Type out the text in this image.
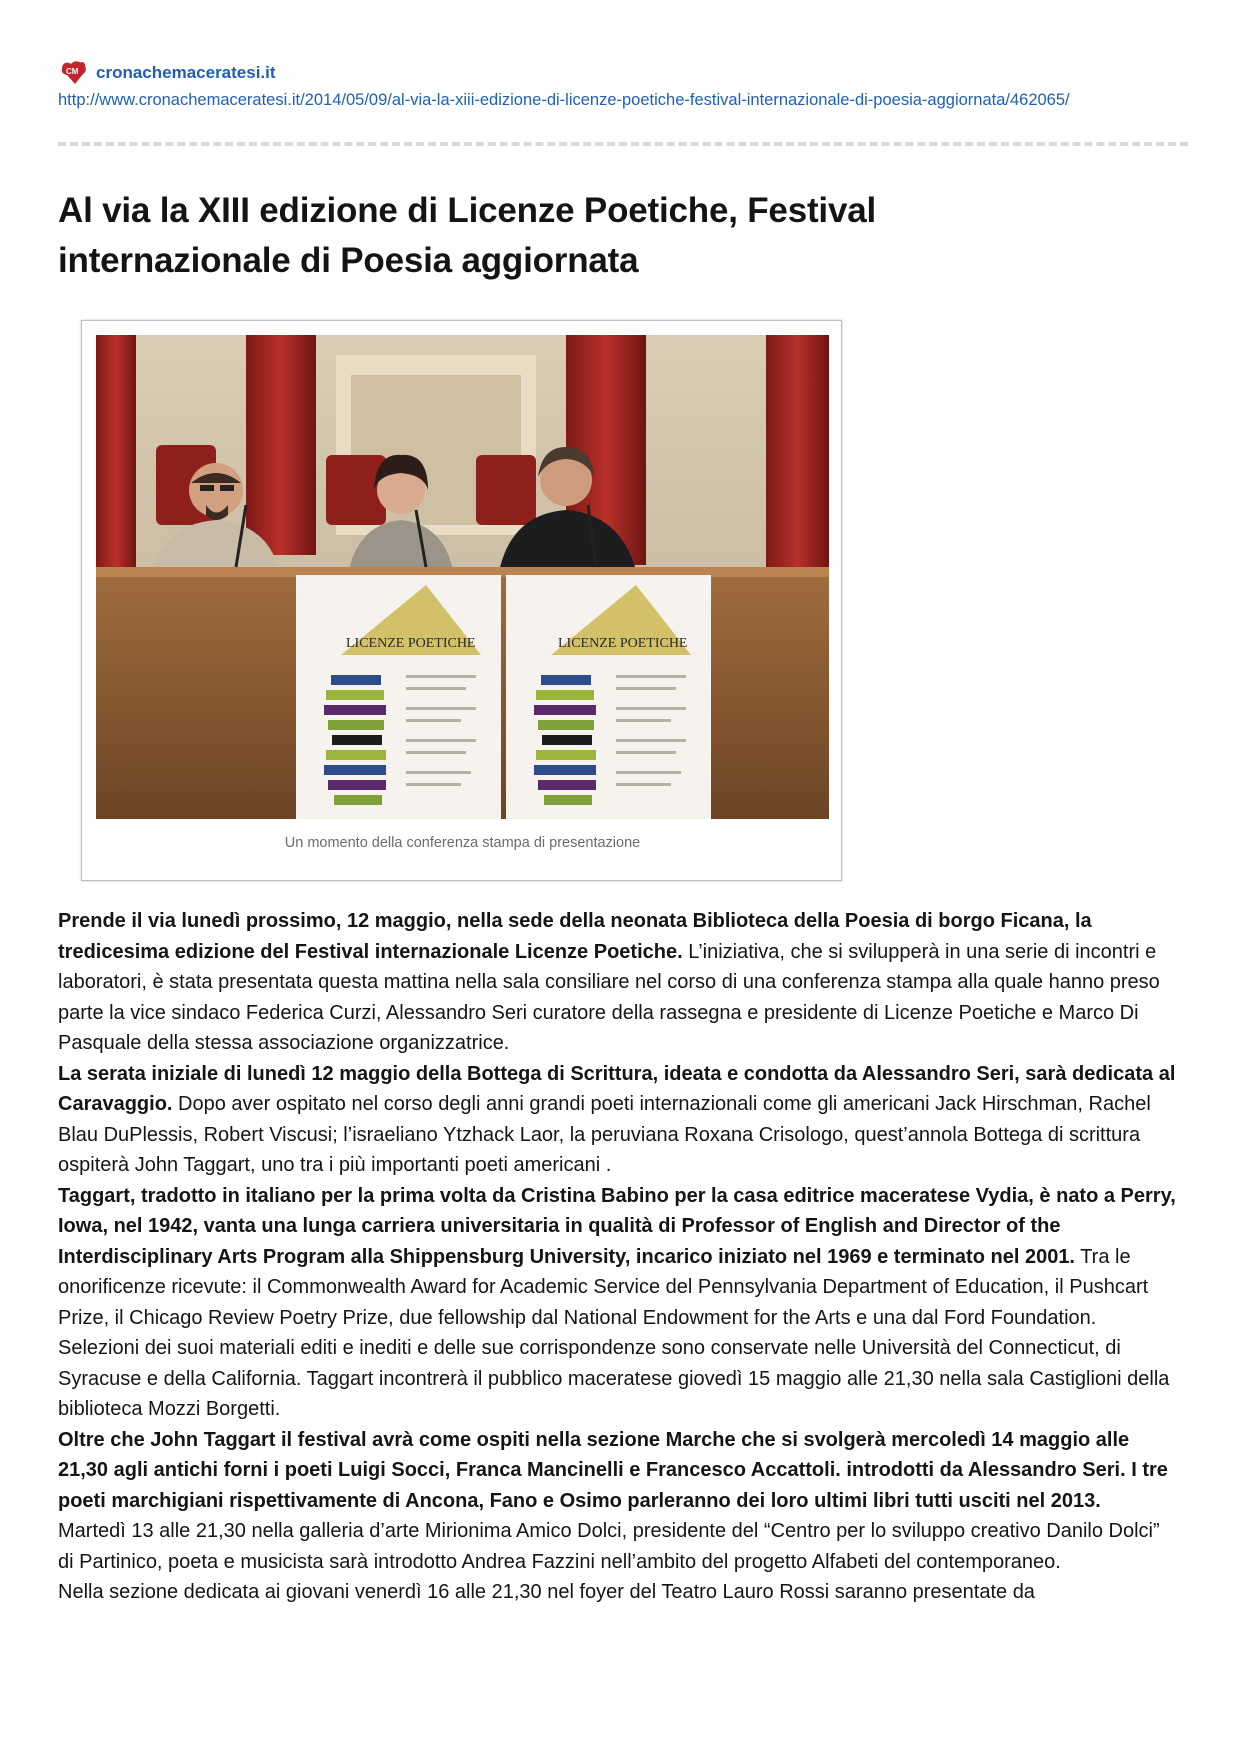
CM cronachemaceratesi.it
http://www.cronachemaceratesi.it/2014/05/09/al-via-la-xiii-edizione-di-licenze-poetiche-festival-internazionale-di-poesia-aggiornata/462065/
Al via la XIII edizione di Licenze Poetiche, Festival internazionale di Poesia aggiornata
LICENZE POETICHE	LICENZE POETICHE
Un momento della conferenza stampa di presentazione

Prende il via lunedì prossimo, 12 maggio, nella sede della neonata Biblioteca della Poesia di borgo Ficana, la tredicesima edizione del Festival internazionale Licenze Poetiche. L’iniziativa, che si svilupperà in una serie di incontri e laboratori, è stata presentata questa mattina nella sala consiliare nel corso di una conferenza stampa alla quale hanno preso parte la vice sindaco Federica Curzi, Alessandro Seri curatore della rassegna e presidente di Licenze Poetiche e Marco Di Pasquale della stessa associazione organizzatrice.

La serata iniziale di lunedì 12 maggio della Bottega di Scrittura, ideata e condotta da Alessandro Seri, sarà dedicata al Caravaggio. Dopo aver ospitato nel corso degli anni grandi poeti internazionali come gli americani Jack Hirschman, Rachel Blau DuPlessis, Robert Viscusi; l’israeliano Ytzhack Laor, la peruviana Roxana Crisologo, quest’annola Bottega di scrittura ospiterà John Taggart, uno tra i più importanti poeti americani .

Taggart, tradotto in italiano per la prima volta da Cristina Babino per la casa editrice maceratese Vydia, è nato a Perry, Iowa, nel 1942, vanta una lunga carriera universitaria in qualità di Professor of English and Director of the Interdisciplinary Arts Program alla Shippensburg University, incarico iniziato nel 1969 e terminato nel 2001. Tra le onorificenze ricevute: il Commonwealth Award for Academic Service del Pennsylvania Department of Education, il Pushcart Prize, il Chicago Review Poetry Prize, due fellowship dal National Endowment for the Arts e una dal Ford Foundation. Selezioni dei suoi materiali editi e inediti e delle sue corrispondenze sono conservate nelle Università del Connecticut, di Syracuse e della California. Taggart incontrerà il pubblico maceratese giovedì 15 maggio alle 21,30 nella sala Castiglioni della biblioteca Mozzi Borgetti.

Oltre che John Taggart il festival avrà come ospiti nella sezione Marche che si svolgerà mercoledì 14 maggio alle 21,30 agli antichi forni i poeti Luigi Socci, Franca Mancinelli e Francesco Accattoli. introdotti da Alessandro Seri. I tre poeti marchigiani rispettivamente di Ancona, Fano e Osimo parleranno dei loro ultimi libri tutti usciti nel 2013.

Martedì 13 alle 21,30 nella galleria d’arte Mirionima Amico Dolci, presidente del “Centro per lo sviluppo creativo Danilo Dolci” di Partinico, poeta e musicista sarà introdotto Andrea Fazzini nell’ambito del progetto Alfabeti del contemporaneo.

Nella sezione dedicata ai giovani venerdì 16 alle 21,30 nel foyer del Teatro Lauro Rossi saranno presentate da
